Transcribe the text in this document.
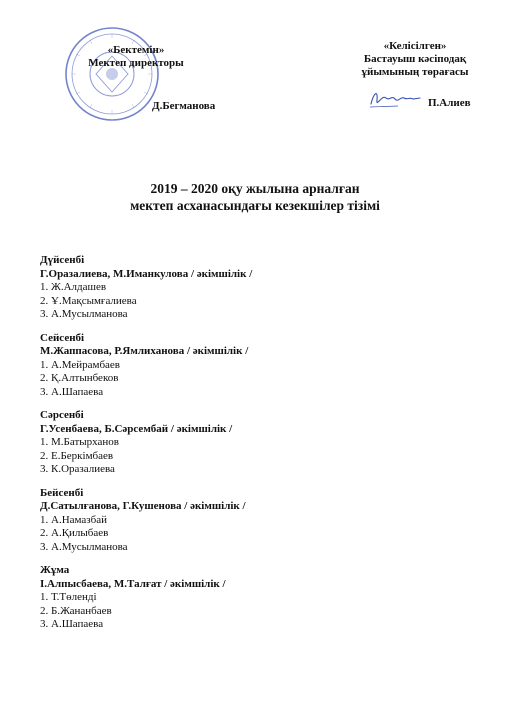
«Бектемін»
Мектеп директоры
Д.Бегманова
«Келісілген»
Бастауыш кәсіподақ
ұйымының төрағасы
П.Алиев
2019 – 2020 оқу жылына арналған
мектеп асханасындағы кезекшілер тізімі
Дүйсенбі
Г.Оразалиева, М.Иманкулова / әкімшілік /
1. Ж.Алдашев
2. Ұ.Мақсымғалиева
3. А.Мусылманова
Сейсенбі
М.Жаппасова, Р.Ямлиханова / әкімшілік /
1. А.Мейрамбаев
2. Қ.Алтынбеков
3. А.Шапаева
Сәрсенбі
Г.Усенбаева, Б.Сәрсембай / әкімшілік /
1. М.Батырханов
2. Е.Беркімбаев
3. К.Оразалиева
Бейсенбі
Д.Сатылғанова, Г.Кушенова / әкімшілік /
1. А.Намазбай
2. А.Қилыбаев
3. А.Мусылманова
Жұма
І.Алпысбаева, М.Талғат / әкімшілік /
1. Т.Төленді
2. Б.Жанaнбаев
3. А.Шапаева
